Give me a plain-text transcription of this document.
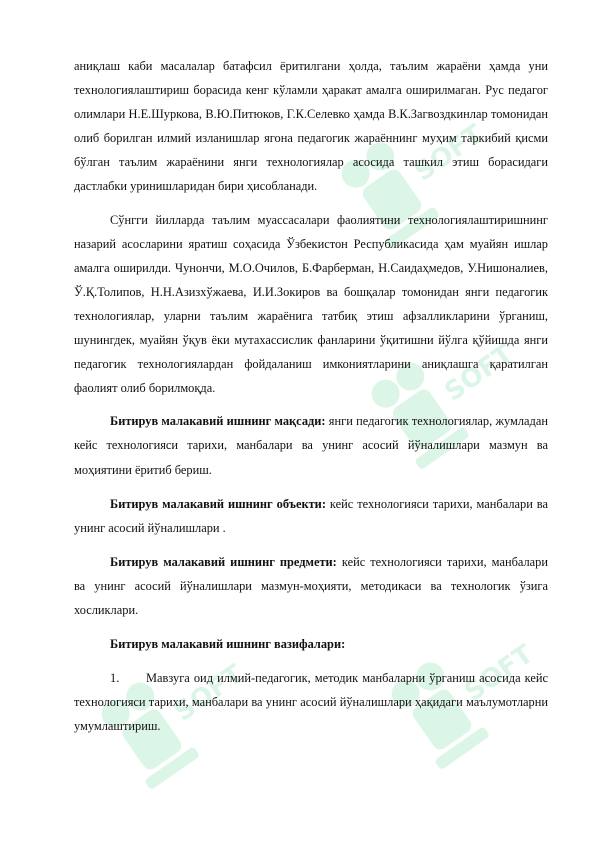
SOFT
SOFT
SOFT
SOFT

аниқлаш каби масалалар батафсил ёритилгани ҳолда, таълим жараёни ҳамда уни технологиялаштириш борасида кенг кўламли ҳаракат амалга оширилмаган. Рус педагог олимлари Н.Е.Шуркова, В.Ю.Питюков, Г.К.Селевко ҳамда В.К.Загвоздкинлар томонидан олиб борилган илмий изланишлар ягона педагогик жараённинг муҳим таркибий қисми бўлган таълим жараёнини янги технологиялар асосида ташкил этиш борасидаги дастлабки уринишларидан бири ҳисобланади.

Сўнгги йилларда таълим муассасалари фаолиятини технологиялаштиришнинг назарий асосларини яратиш соҳасида Ўзбекистон Республикасида ҳам муайян ишлар амалга оширилди. Чунончи, М.О.Очилов, Б.Фарберман, Н.Саидаҳмедов, У.Нишоналиев, Ў.Қ.Толипов, Н.Н.Азизхўжаева, И.И.Зокиров ва бошқалар томонидан янги педагогик технологиялар, уларни таълим жараёнига татбиқ этиш афзалликларини ўрганиш, шунингдек, муайян ўқув ёки мутахассислик фанларини ўқитишни йўлга қўйишда янги педагогик технологиялардан фойдаланиш имкониятларини аниқлашга қаратилган фаолият олиб борилмоқда.

Битирув малакавий ишнинг мақсади: янги педагогик технологиялар, жумладан кейс технологияси тарихи, манбалари ва унинг асосий йўналишлари мазмун ва моҳиятини ёритиб бериш.

Битирув малакавий ишнинг объекти: кейс технологияси тарихи, манбалари ва унинг асосий йўналишлари .

Битирув малакавий ишнинг предмети: кейс технологияси тарихи, манбалари ва унинг асосий йўналишлари мазмун-моҳияти, методикаси ва технологик ўзига хосликлари.

Битирув малакавий ишнинг вазифалари:

1. Мавзуга оид илмий-педагогик, методик манбаларни ўрганиш асосида кейс технологияси тарихи, манбалари ва унинг асосий йўналишлари ҳақидаги маълумотларни умумлаштириш.
